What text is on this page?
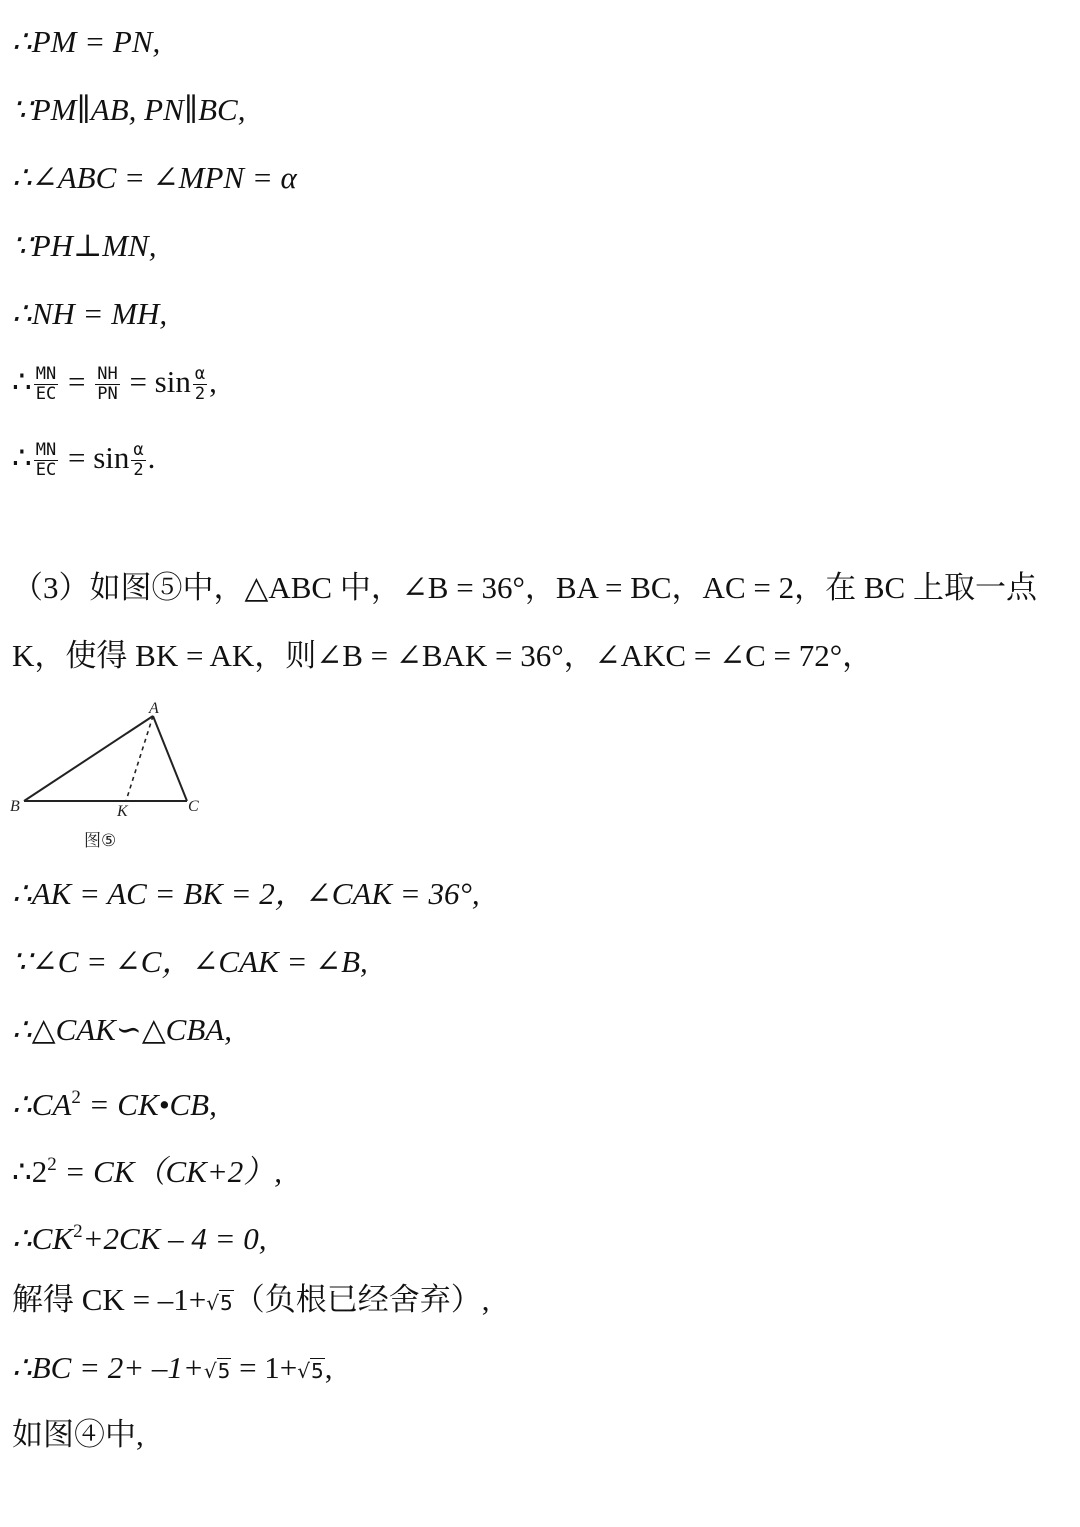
∴PM = PN,
∵PM∥AB, PN∥BC,
∴∠ABC = ∠MPN = α
∵PH⊥MN,
∴NH = MH,
∴ $\frac{MN}{EC} = \frac{NH}{PN} = \sin \frac{\alpha}{2}$ ,
∴ $\frac{MN}{EC} = \sin \frac{\alpha}{2}$ .
（3）如图⑤中，△ABC 中，∠B = 36°，BA = BC，AC = 2，在 BC 上取一点
K，使得 BK = AK，则∠B = ∠BAK = 36°，∠AKC = ∠C = 72°，
A
B	C
K
图⑤
∴AK = AC = BK = 2，∠CAK = 36°,
∵∠C = ∠C，∠CAK = ∠B,
∴△CAK∽△CBA,
$\therefore CA^2$ = CK•CB,
$\therefore 2^2 = CK(CK+2)$,
$\therefore CK^2+2CK - 4 = 0$,
解得 CK = –1+√5（负根已经舍弃）,
∴BC = 2+ –1+√5 = 1+√5,
如图④中,
